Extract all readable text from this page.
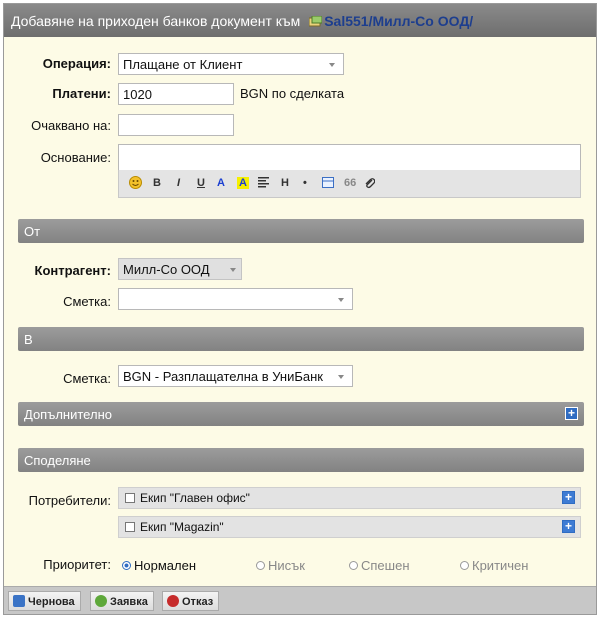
Добавяне на приходен банков документ към Sal551/Милл-Со ООД/
Операция: Плащане от Клиент
Платени: 1020	BGN по сделката
Очаквано на:
Основание:
B I U A A	H •	66
От
Контрагент: Милл-Со ООД
Сметка:
В
Сметка: BGN - Разплащателна в УниБанк
Допълнително	+
Споделяне
Потребители:	Екип "Главен офис"	+
Екип "Magazin"	+
Приоритет:	Нормален	Нисък	Спешен	Критичен
Чернова	Заявка	Отказ
